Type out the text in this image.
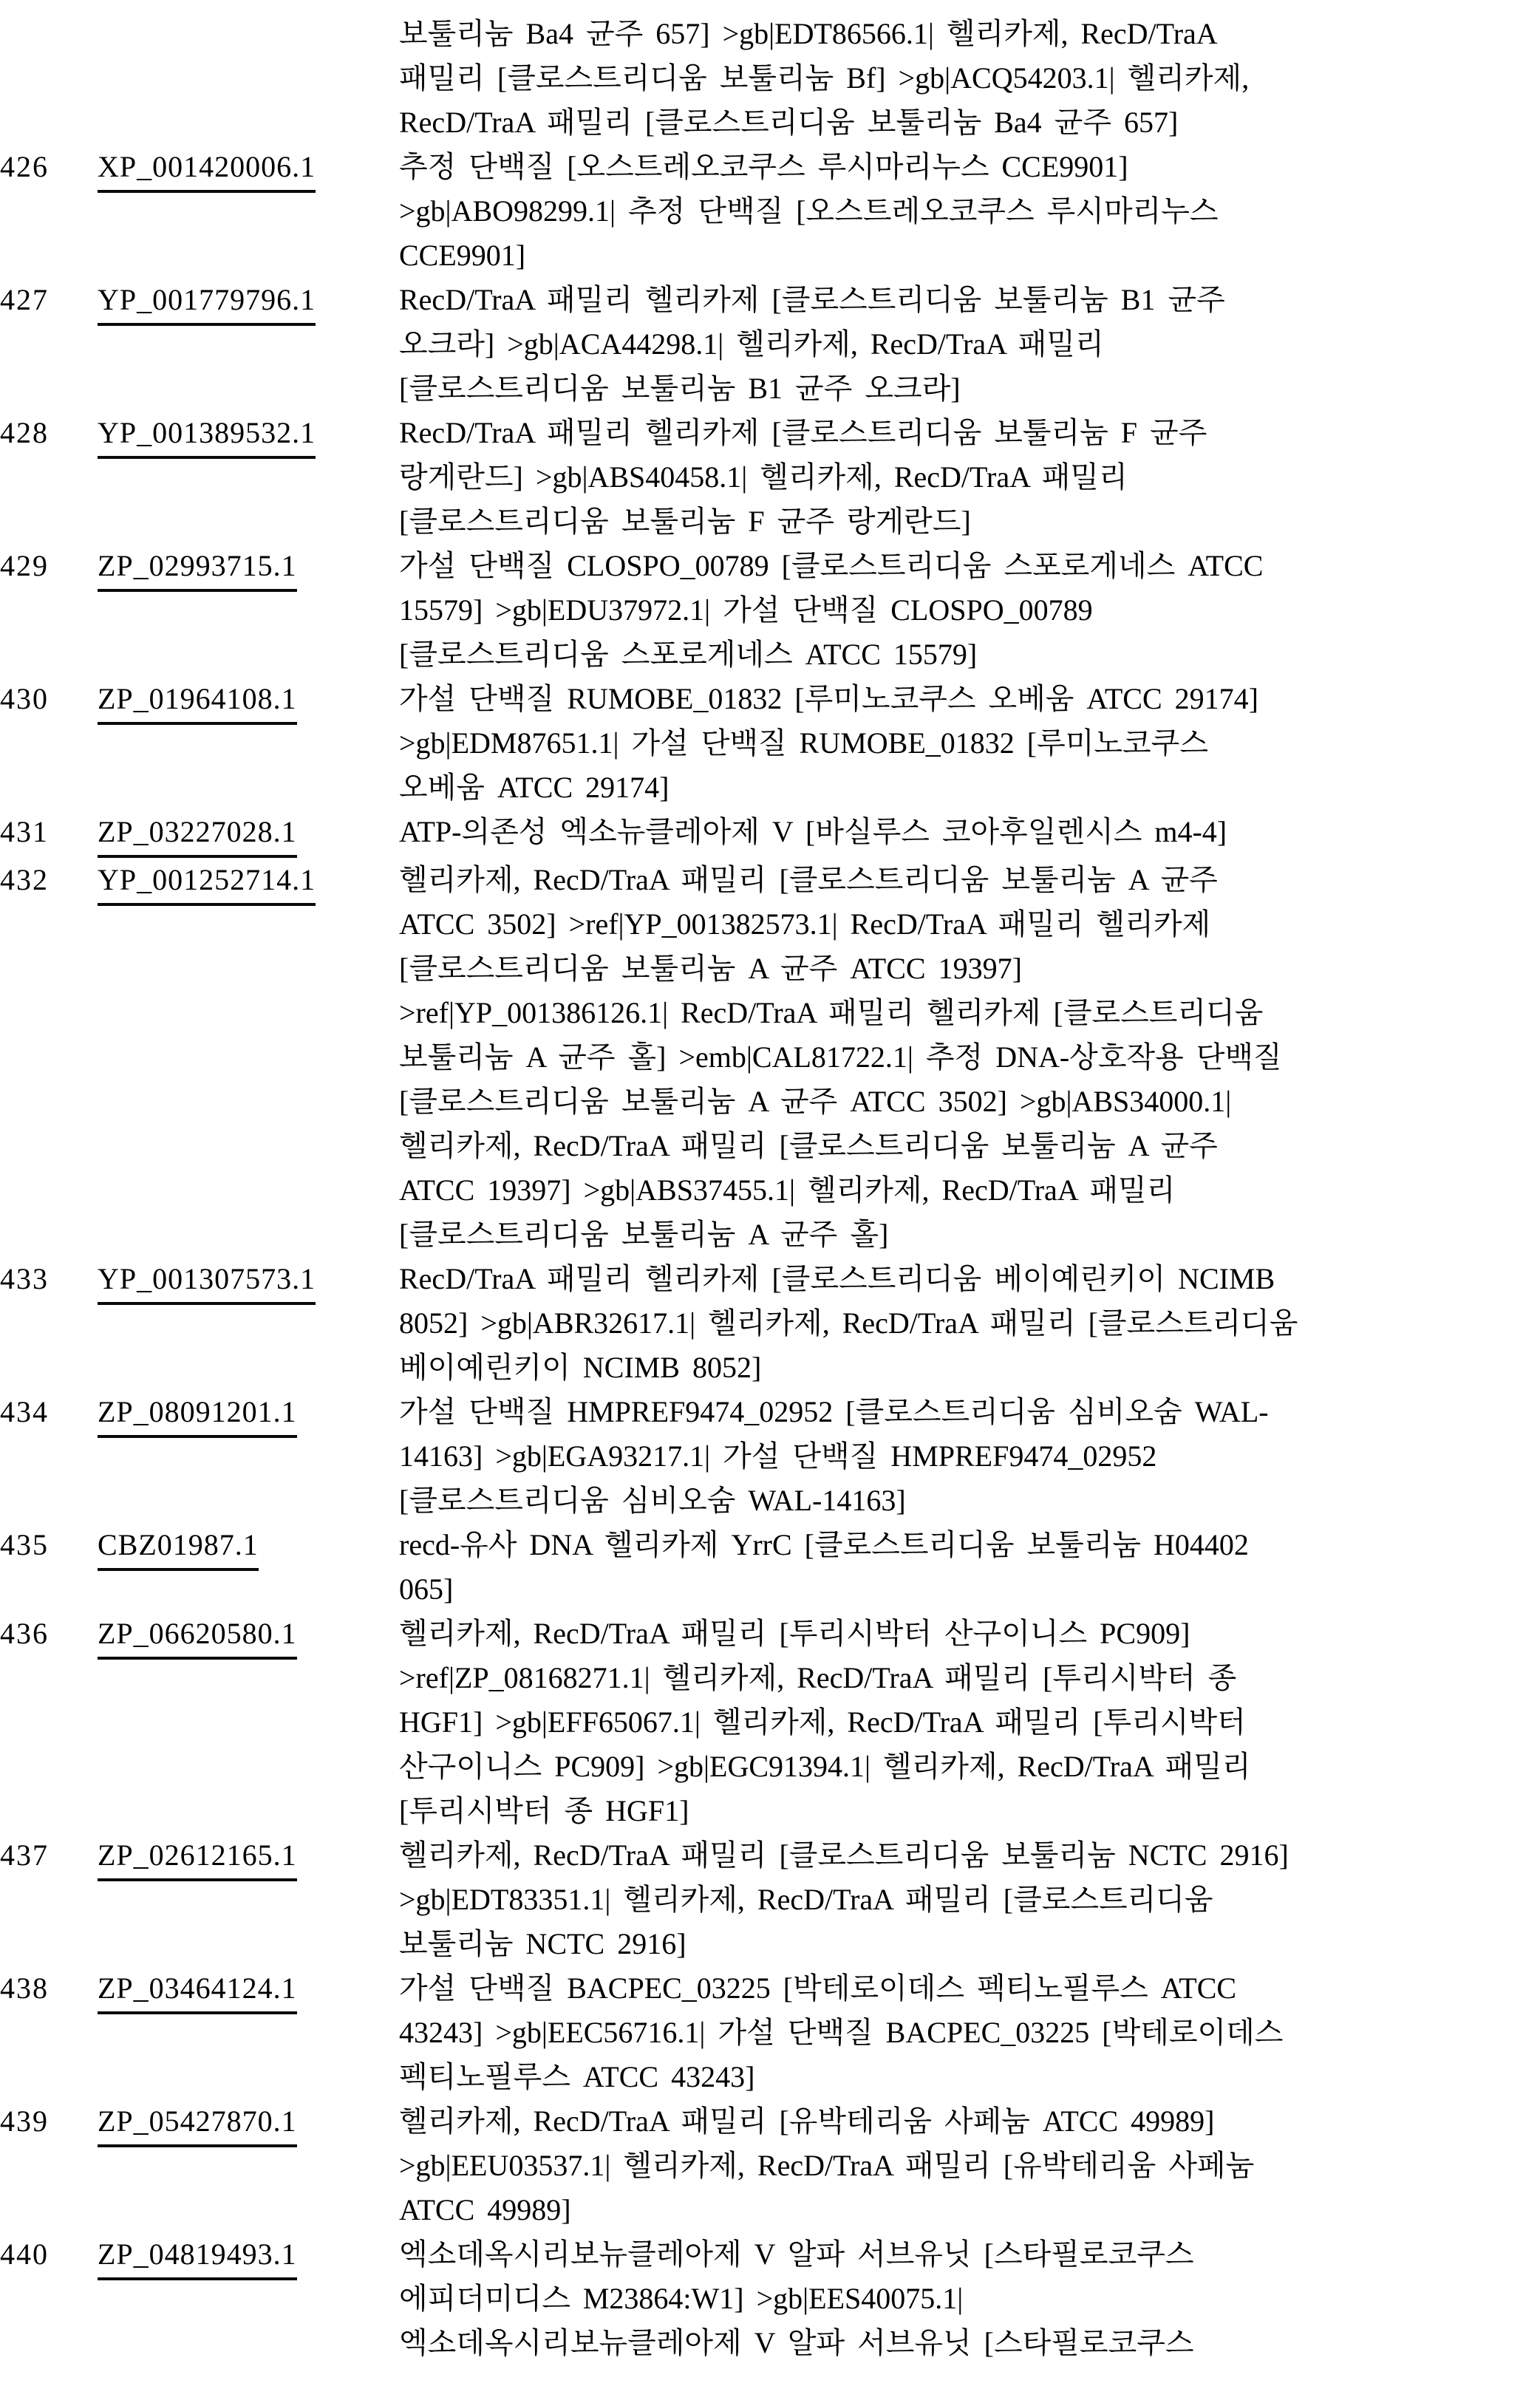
		보툴리눔 Ba4 균주 657] >gb|EDT86566.1| 헬리카제, RecD/TraA
패밀리 [클로스트리디움 보툴리눔 Bf] >gb|ACQ54203.1| 헬리카제,
RecD/TraA 패밀리 [클로스트리디움 보툴리눔 Ba4 균주 657]

426	XP_001420006.1	추정 단백질 [오스트레오코쿠스 루시마리누스 CCE9901]
>gb|ABO98299.1| 추정 단백질 [오스트레오코쿠스 루시마리누스
CCE9901]

427	YP_001779796.1	RecD/TraA 패밀리 헬리카제 [클로스트리디움 보툴리눔 B1 균주
오크라] >gb|ACA44298.1| 헬리카제, RecD/TraA 패밀리
[클로스트리디움 보툴리눔 B1 균주 오크라]

428	YP_001389532.1	RecD/TraA 패밀리 헬리카제 [클로스트리디움 보툴리눔 F 균주
랑게란드] >gb|ABS40458.1| 헬리카제, RecD/TraA 패밀리
[클로스트리디움 보툴리눔 F 균주 랑게란드]

429	ZP_02993715.1	가설 단백질 CLOSPO_00789 [클로스트리디움 스포로게네스 ATCC
15579] >gb|EDU37972.1| 가설 단백질 CLOSPO_00789
[클로스트리디움 스포로게네스 ATCC 15579]

430	ZP_01964108.1	가설 단백질 RUMOBE_01832 [루미노코쿠스 오베움 ATCC 29174]
>gb|EDM87651.1| 가설 단백질 RUMOBE_01832 [루미노코쿠스
오베움 ATCC 29174]

431	ZP_03227028.1	ATP-의존성 엑소뉴클레아제 V [바실루스 코아후일렌시스 m4-4]

432	YP_001252714.1	헬리카제, RecD/TraA 패밀리 [클로스트리디움 보툴리눔 A 균주
ATCC 3502] >ref|YP_001382573.1| RecD/TraA 패밀리 헬리카제
[클로스트리디움 보툴리눔 A 균주 ATCC 19397]
>ref|YP_001386126.1| RecD/TraA 패밀리 헬리카제 [클로스트리디움
보툴리눔 A 균주 홀] >emb|CAL81722.1| 추정 DNA-상호작용 단백질
[클로스트리디움 보툴리눔 A 균주 ATCC 3502] >gb|ABS34000.1|
헬리카제, RecD/TraA 패밀리 [클로스트리디움 보툴리눔 A 균주
ATCC 19397] >gb|ABS37455.1| 헬리카제, RecD/TraA 패밀리
[클로스트리디움 보툴리눔 A 균주 홀]

433	YP_001307573.1	RecD/TraA 패밀리 헬리카제 [클로스트리디움 베이예린키이 NCIMB
8052] >gb|ABR32617.1| 헬리카제, RecD/TraA 패밀리 [클로스트리디움
베이예린키이 NCIMB 8052]

434	ZP_08091201.1	가설 단백질 HMPREF9474_02952 [클로스트리디움 심비오숨 WAL-
14163] >gb|EGA93217.1| 가설 단백질 HMPREF9474_02952
[클로스트리디움 심비오숨 WAL-14163]

435	CBZ01987.1	recd-유사 DNA 헬리카제 YrrC [클로스트리디움 보툴리눔 H04402
065]

436	ZP_06620580.1	헬리카제, RecD/TraA 패밀리 [투리시박터 산구이니스 PC909]
>ref|ZP_08168271.1| 헬리카제, RecD/TraA 패밀리 [투리시박터 종
HGF1] >gb|EFF65067.1| 헬리카제, RecD/TraA 패밀리 [투리시박터
산구이니스 PC909] >gb|EGC91394.1| 헬리카제, RecD/TraA 패밀리
[투리시박터 종 HGF1]

437	ZP_02612165.1	헬리카제, RecD/TraA 패밀리 [클로스트리디움 보툴리눔 NCTC 2916]
>gb|EDT83351.1| 헬리카제, RecD/TraA 패밀리 [클로스트리디움
보툴리눔 NCTC 2916]

438	ZP_03464124.1	가설 단백질 BACPEC_03225 [박테로이데스 펙티노필루스 ATCC
43243] >gb|EEC56716.1| 가설 단백질 BACPEC_03225 [박테로이데스
펙티노필루스 ATCC 43243]

439	ZP_05427870.1	헬리카제, RecD/TraA 패밀리 [유박테리움 사페눔 ATCC 49989]
>gb|EEU03537.1| 헬리카제, RecD/TraA 패밀리 [유박테리움 사페눔
ATCC 49989]

440	ZP_04819493.1	엑소데옥시리보뉴클레아제 V 알파 서브유닛 [스타필로코쿠스
에피더미디스 M23864:W1] >gb|EES40075.1|
엑소데옥시리보뉴클레아제 V 알파 서브유닛 [스타필로코쿠스
